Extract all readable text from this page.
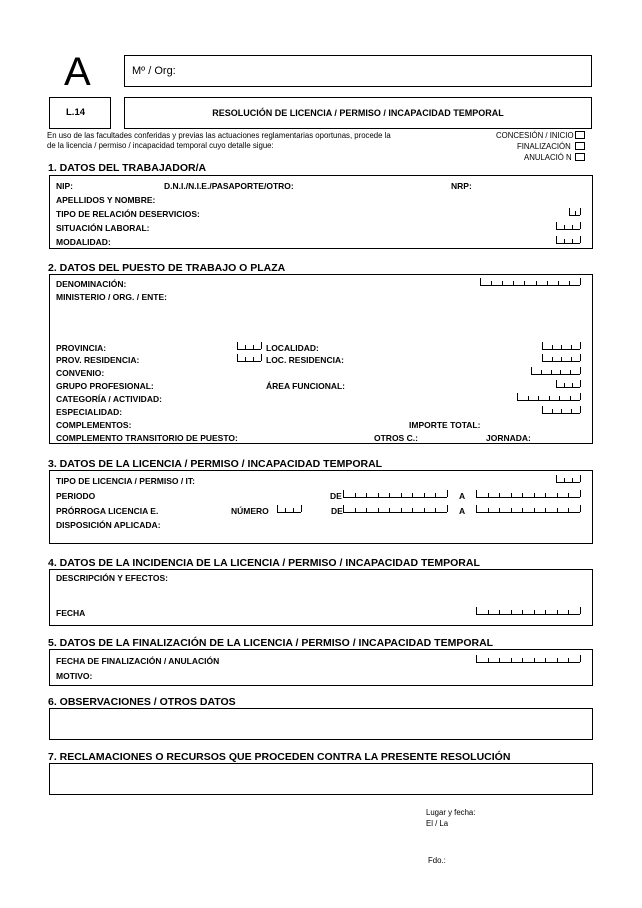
A	Mº / Org:
L.14	RESOLUCIÓN DE LICENCIA / PERMISO / INCAPACIDAD TEMPORAL
En uso de las facultades conferidas y previas las actuaciones reglamentarias oportunas, procede la
de la licencia / permiso / incapacidad temporal cuyo detalle sigue:
CONCESIÓN / INICIO
FINALIZACIÓN
ANULACIÓ N
1. DATOS DEL TRABAJADOR/A
NIP:	D.N.I./N.I.E./PASAPORTE/OTRO:	NRP:
APELLIDOS Y NOMBRE:
TIPO DE RELACIÓN DESERVICIOS:
SITUACIÓN LABORAL:
MODALIDAD:
2. DATOS DEL PUESTO DE TRABAJO O PLAZA
DENOMINACIÓN:
MINISTERIO / ORG. / ENTE:
PROVINCIA:	LOCALIDAD:
PROV. RESIDENCIA:	LOC. RESIDENCIA:
CONVENIO:
GRUPO PROFESIONAL:	ÁREA FUNCIONAL:
CATEGORÍA / ACTIVIDAD:
ESPECIALIDAD:
COMPLEMENTOS:	IMPORTE TOTAL:
COMPLEMENTO TRANSITORIO DE PUESTO:	OTROS C.:	JORNADA:
3. DATOS DE LA LICENCIA / PERMISO / INCAPACIDAD TEMPORAL
TIPO DE LICENCIA / PERMISO / IT:
PERIODO	DE	A
PRÓRROGA LICENCIA E.	NÚMERO	DE	A
DISPOSICIÓN APLICADA:
4. DATOS DE LA INCIDENCIA DE LA LICENCIA / PERMISO / INCAPACIDAD TEMPORAL
DESCRIPCIÓN Y EFECTOS:
FECHA
5. DATOS DE LA FINALIZACIÓN DE LA LICENCIA / PERMISO / INCAPACIDAD TEMPORAL
FECHA DE FINALIZACIÓN / ANULACIÓN
MOTIVO:
6. OBSERVACIONES / OTROS DATOS
7. RECLAMACIONES O RECURSOS QUE PROCEDEN CONTRA LA PRESENTE RESOLUCIÓN
Lugar y fecha:
El / La
Fdo.:
